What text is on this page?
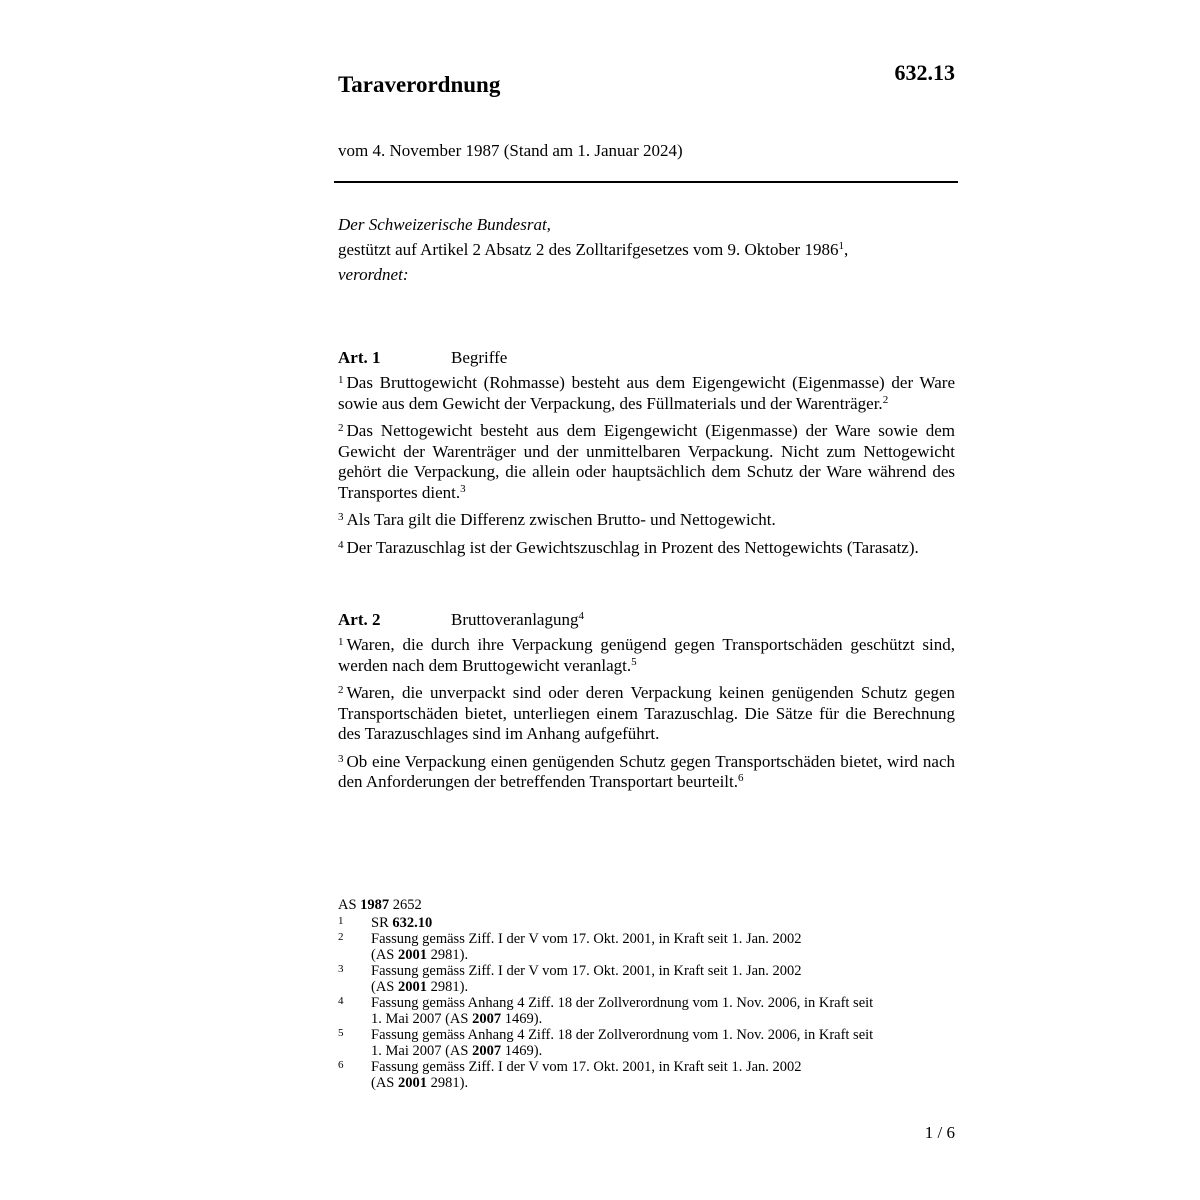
632.13
Taraverordnung
vom 4. November 1987 (Stand am 1. Januar 2024)
Der Schweizerische Bundesrat,
gestützt auf Artikel 2 Absatz 2 des Zolltarifgesetzes vom 9. Oktober 1986$^1$,
verordnet:
Art. 1	Begriffe

$^1$ Das Bruttogewicht (Rohmasse) besteht aus dem Eigengewicht (Eigenmasse) der Ware sowie aus dem Gewicht der Verpackung, des Füllmaterials und der Warenträger.$^2$

$^2$ Das Nettogewicht besteht aus dem Eigengewicht (Eigenmasse) der Ware sowie dem Gewicht der Warenträger und der unmittelbaren Verpackung. Nicht zum Nettogewicht gehört die Verpackung, die allein oder hauptsächlich dem Schutz der Ware während des Transportes dient.$^3$

$^3$ Als Tara gilt die Differenz zwischen Brutto- und Nettogewicht.

$^4$ Der Tarazuschlag ist der Gewichtszuschlag in Prozent des Nettogewichts (Tarasatz).

Art. 2	Bruttoveranlagung$^4$

$^1$ Waren, die durch ihre Verpackung genügend gegen Transportschäden geschützt sind, werden nach dem Bruttogewicht veranlagt.$^5$

$^2$ Waren, die unverpackt sind oder deren Verpackung keinen genügenden Schutz gegen Transportschäden bietet, unterliegen einem Tarazuschlag. Die Sätze für die Berechnung des Tarazuschlages sind im Anhang aufgeführt.

$^3$ Ob eine Verpackung einen genügenden Schutz gegen Transportschäden bietet, wird nach den Anforderungen der betreffenden Transportart beurteilt.$^6$

AS 1987 2652
1 SR 632.10
2 Fassung gemäss Ziff. I der V vom 17. Okt. 2001, in Kraft seit 1. Jan. 2002
(AS 2001 2981).
3 Fassung gemäss Ziff. I der V vom 17. Okt. 2001, in Kraft seit 1. Jan. 2002
(AS 2001 2981).
4 Fassung gemäss Anhang 4 Ziff. 18 der Zollverordnung vom 1. Nov. 2006, in Kraft seit
1. Mai 2007 (AS 2007 1469).
5 Fassung gemäss Anhang 4 Ziff. 18 der Zollverordnung vom 1. Nov. 2006, in Kraft seit
1. Mai 2007 (AS 2007 1469).
6 Fassung gemäss Ziff. I der V vom 17. Okt. 2001, in Kraft seit 1. Jan. 2002
(AS 2001 2981).
1 / 6
